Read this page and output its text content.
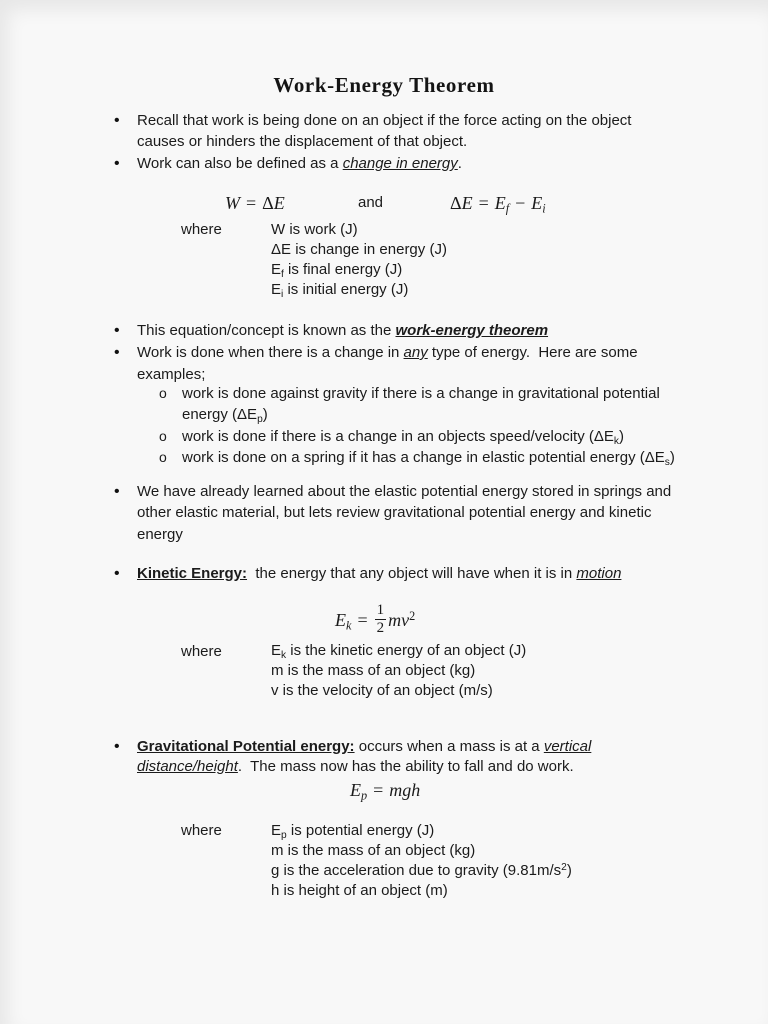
Work-Energy Theorem
• Recall that work is being done on an object if the force acting on the object
causes or hinders the displacement of that object.
• Work can also be defined as a change in energy.
W = Δ E	and	Δ E = Ef − Ei
where	W is work (J)
ΔE is change in energy (J)
Ef is final energy (J)
Ei is initial energy (J)
• This equation/concept is known as the work-energy theorem
• Work is done when there is a change in any type of energy.  Here are some
examples;
o work is done against gravity if there is a change in gravitational potential
energy (ΔEp)
o work is done if there is a change in an objects speed/velocity (ΔEk)
o work is done on a spring if it has a change in elastic potential energy (ΔEs)
• We have already learned about the elastic potential energy stored in springs and
other elastic material, but lets review gravitational potential energy and kinetic
energy
• Kinetic Energy:  the energy that any object will have when it is in motion
$Ek = \frac{1}{2} mv^2$
where	Ek is the kinetic energy of an object (J)
m is the mass of an object (kg)
v is the velocity of an object (m/s)
• Gravitational Potential energy: occurs when a mass is at a vertical
distance/height.  The mass now has the ability to fall and do work.
Ep = mgh
where	Ep is potential energy (J)
m is the mass of an object (kg)
g is the acceleration due to gravity $(9.81m/s^2)$
h is height of an object (m)
